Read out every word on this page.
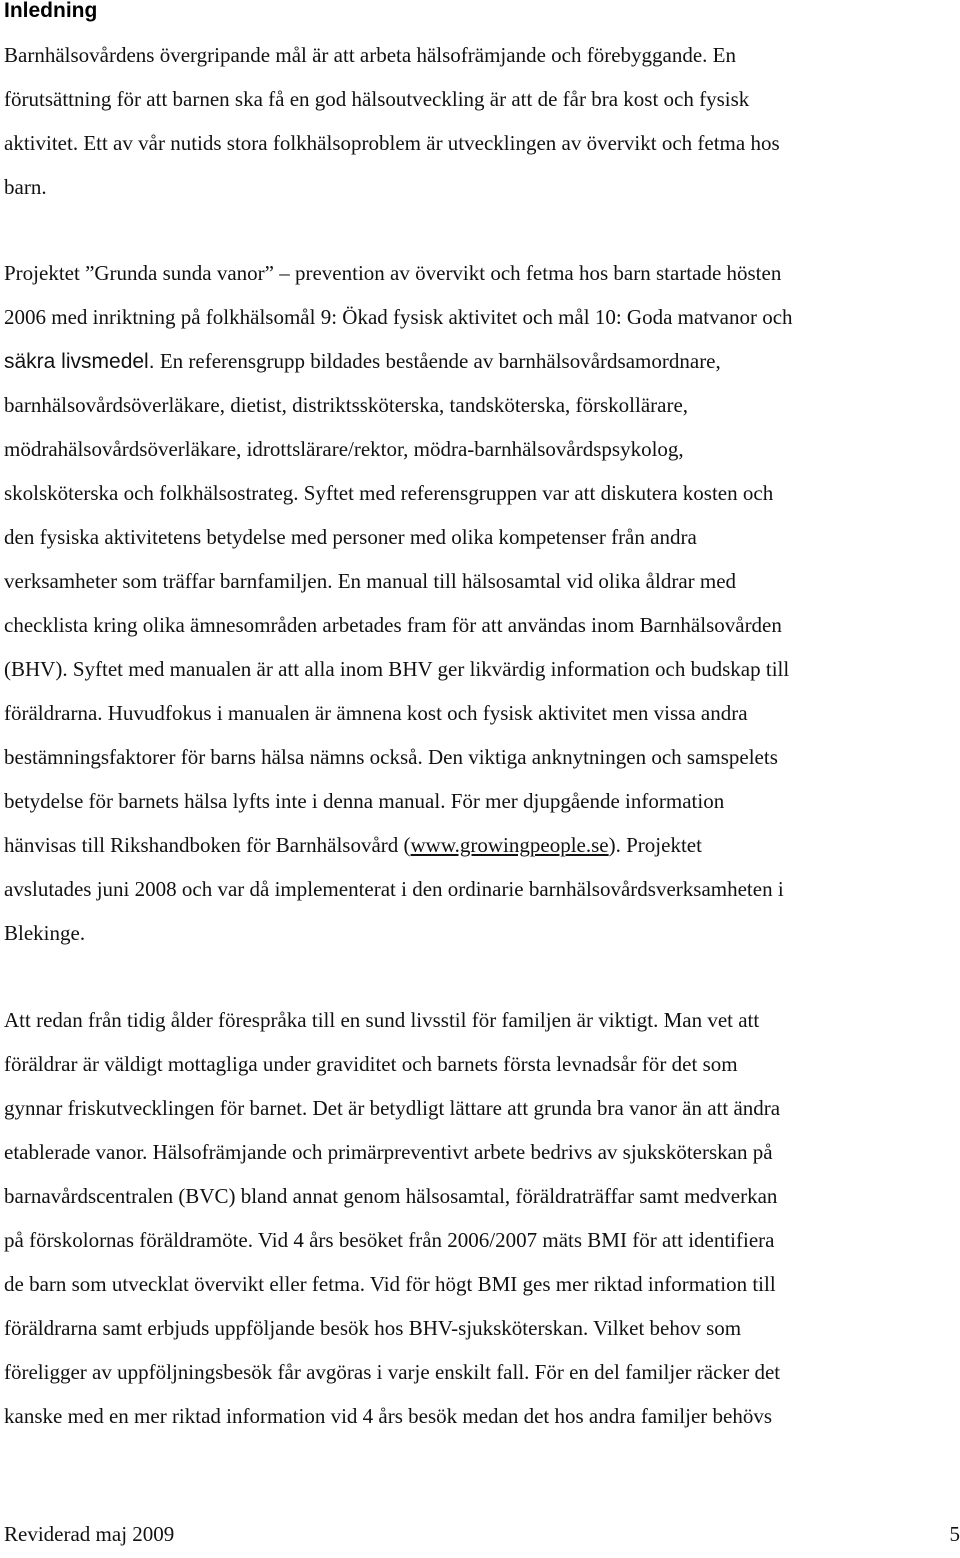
Inledning

Barnhälsovårdens övergripande mål är att arbeta hälsofrämjande och förebyggande. En
förutsättning för att barnen ska få en god hälsoutveckling är att de får bra kost och fysisk
aktivitet. Ett av vår nutids stora folkhälsoproblem är utvecklingen av övervikt och fetma hos
barn.

Projektet ”Grunda sunda vanor” – prevention av övervikt och fetma hos barn startade hösten
2006 med inriktning på folkhälsomål 9: Ökad fysisk aktivitet och mål 10: Goda matvanor och
säkra livsmedel. En referensgrupp bildades bestående av barnhälsovårdsamordnare,
barnhälsovårdsöverläkare, dietist, distriktssköterska, tandsköterska, förskollärare,
mödrahälsovårdsöverläkare, idrottslärare/rektor, mödra-barnhälsovårdspsykolog,
skolsköterska och folkhälsostrateg. Syftet med referensgruppen var att diskutera kosten och
den fysiska aktivitetens betydelse med personer med olika kompetenser från andra
verksamheter som träffar barnfamiljen. En manual till hälsosamtal vid olika åldrar med
checklista kring olika ämnesområden arbetades fram för att användas inom Barnhälsovården
(BHV). Syftet med manualen är att alla inom BHV ger likvärdig information och budskap till
föräldrarna. Huvudfokus i manualen är ämnena kost och fysisk aktivitet men vissa andra
bestämningsfaktorer för barns hälsa nämns också. Den viktiga anknytningen och samspelets
betydelse för barnets hälsa lyfts inte i denna manual. För mer djupgående information
hänvisas till Rikshandboken för Barnhälsovård (www.growingpeople.se). Projektet
avslutades juni 2008 och var då implementerat i den ordinarie barnhälsovårdsverksamheten i
Blekinge.

Att redan från tidig ålder förespråka till en sund livsstil för familjen är viktigt. Man vet att
föräldrar är väldigt mottagliga under graviditet och barnets första levnadsår för det som
gynnar friskutvecklingen för barnet. Det är betydligt lättare att grunda bra vanor än att ändra
etablerade vanor. Hälsofrämjande och primärpreventivt arbete bedrivs av sjuksköterskan på
barnavårdscentralen (BVC) bland annat genom hälsosamtal, föräldraträffar samt medverkan
på förskolornas föräldramöte. Vid 4 års besöket från 2006/2007 mäts BMI för att identifiera
de barn som utvecklat övervikt eller fetma. Vid för högt BMI ges mer riktad information till
föräldrarna samt erbjuds uppföljande besök hos BHV-sjuksköterskan. Vilket behov som
föreligger av uppföljningsbesök får avgöras i varje enskilt fall. För en del familjer räcker det
kanske med en mer riktad information vid 4 års besök medan det hos andra familjer behövs

Reviderad maj 2009	5
